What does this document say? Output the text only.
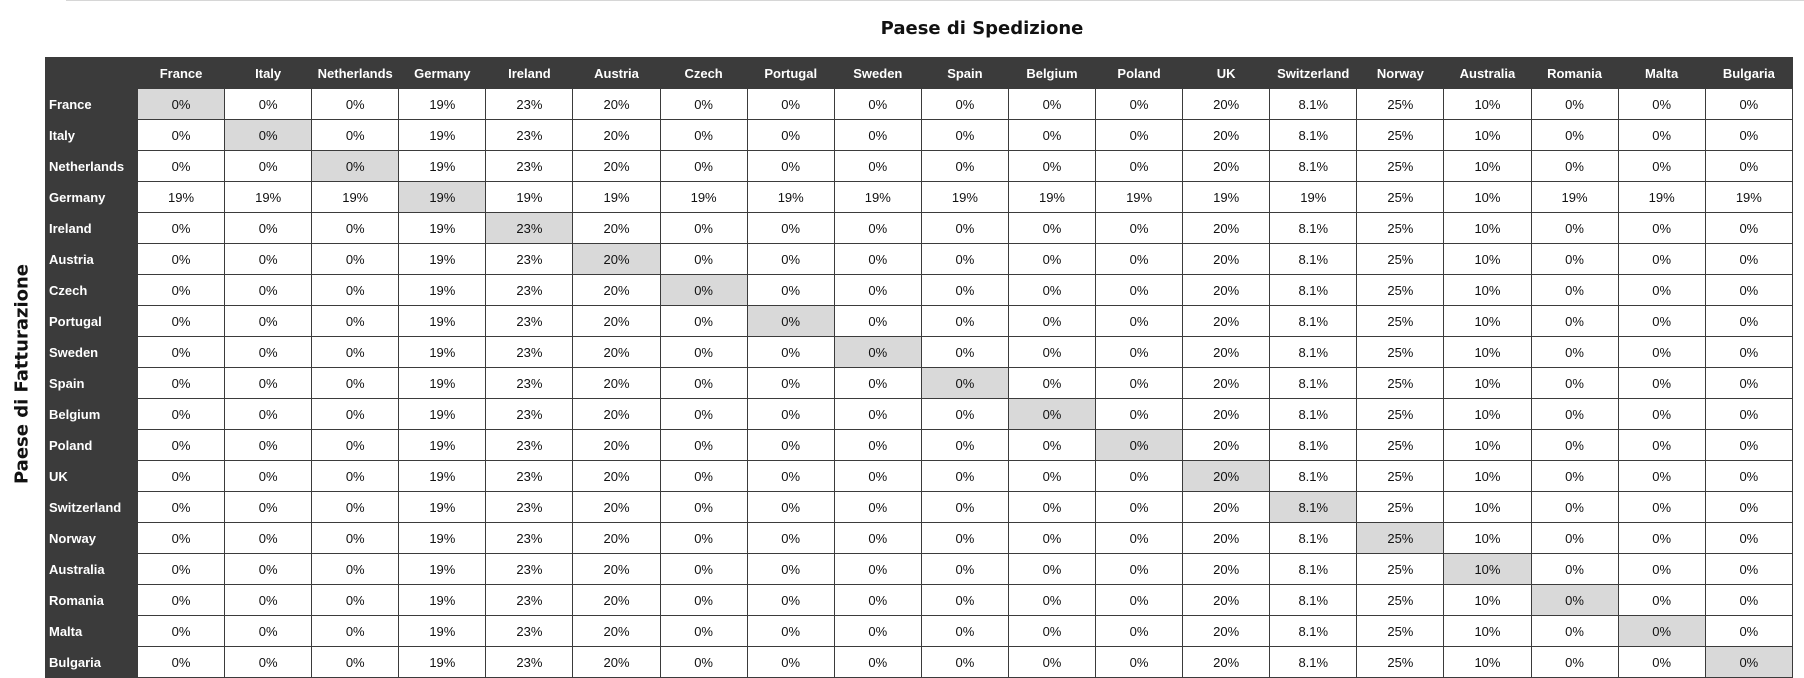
Paese di Spedizione
Paese di Fatturazione
	France	Italy	Netherlands	Germany	Ireland	Austria	Czech	Portugal	Sweden	Spain	Belgium	Poland	UK	Switzerland	Norway	Australia	Romania	Malta	Bulgaria
France	0%	0%	0%	19%	23%	20%	0%	0%	0%	0%	0%	0%	20%	8.1%	25%	10%	0%	0%	0%
Italy	0%	0%	0%	19%	23%	20%	0%	0%	0%	0%	0%	0%	20%	8.1%	25%	10%	0%	0%	0%
Netherlands	0%	0%	0%	19%	23%	20%	0%	0%	0%	0%	0%	0%	20%	8.1%	25%	10%	0%	0%	0%
Germany	19%	19%	19%	19%	19%	19%	19%	19%	19%	19%	19%	19%	19%	19%	25%	10%	19%	19%	19%
Ireland	0%	0%	0%	19%	23%	20%	0%	0%	0%	0%	0%	0%	20%	8.1%	25%	10%	0%	0%	0%
Austria	0%	0%	0%	19%	23%	20%	0%	0%	0%	0%	0%	0%	20%	8.1%	25%	10%	0%	0%	0%
Czech	0%	0%	0%	19%	23%	20%	0%	0%	0%	0%	0%	0%	20%	8.1%	25%	10%	0%	0%	0%
Portugal	0%	0%	0%	19%	23%	20%	0%	0%	0%	0%	0%	0%	20%	8.1%	25%	10%	0%	0%	0%
Sweden	0%	0%	0%	19%	23%	20%	0%	0%	0%	0%	0%	0%	20%	8.1%	25%	10%	0%	0%	0%
Spain	0%	0%	0%	19%	23%	20%	0%	0%	0%	0%	0%	0%	20%	8.1%	25%	10%	0%	0%	0%
Belgium	0%	0%	0%	19%	23%	20%	0%	0%	0%	0%	0%	0%	20%	8.1%	25%	10%	0%	0%	0%
Poland	0%	0%	0%	19%	23%	20%	0%	0%	0%	0%	0%	0%	20%	8.1%	25%	10%	0%	0%	0%
UK	0%	0%	0%	19%	23%	20%	0%	0%	0%	0%	0%	0%	20%	8.1%	25%	10%	0%	0%	0%
Switzerland	0%	0%	0%	19%	23%	20%	0%	0%	0%	0%	0%	0%	20%	8.1%	25%	10%	0%	0%	0%
Norway	0%	0%	0%	19%	23%	20%	0%	0%	0%	0%	0%	0%	20%	8.1%	25%	10%	0%	0%	0%
Australia	0%	0%	0%	19%	23%	20%	0%	0%	0%	0%	0%	0%	20%	8.1%	25%	10%	0%	0%	0%
Romania	0%	0%	0%	19%	23%	20%	0%	0%	0%	0%	0%	0%	20%	8.1%	25%	10%	0%	0%	0%
Malta	0%	0%	0%	19%	23%	20%	0%	0%	0%	0%	0%	0%	20%	8.1%	25%	10%	0%	0%	0%
Bulgaria	0%	0%	0%	19%	23%	20%	0%	0%	0%	0%	0%	0%	20%	8.1%	25%	10%	0%	0%	0%
